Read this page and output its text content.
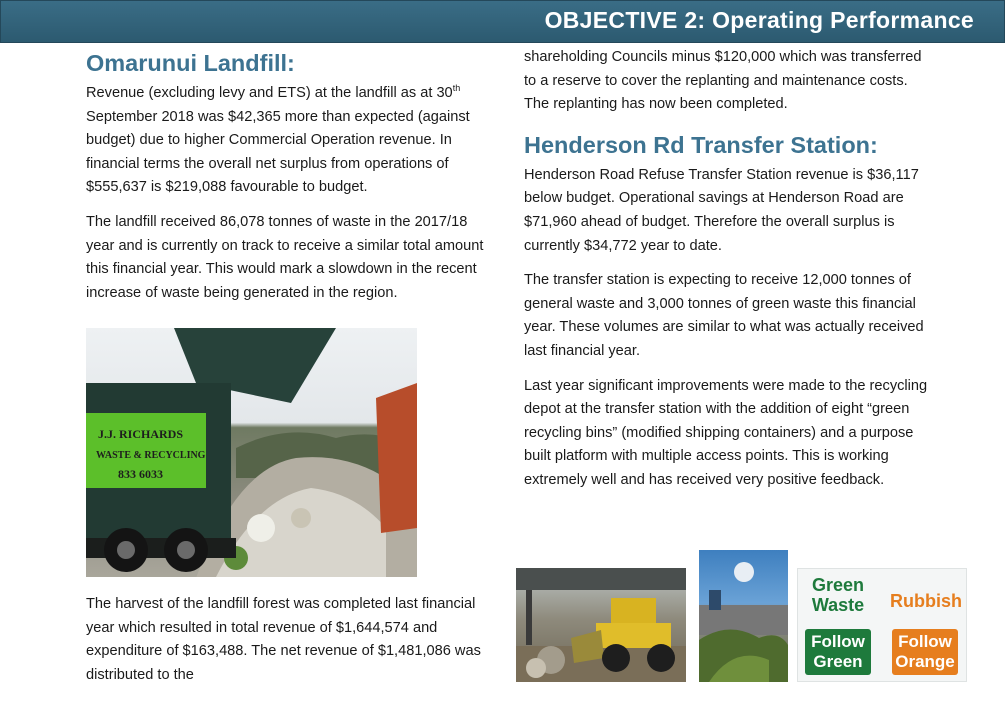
OBJECTIVE 2: Operating Performance
Omarunui Landfill:

Revenue (excluding levy and ETS) at the landfill as at 30th September 2018 was $42,365 more than expected (against budget) due to higher Commercial Operation revenue. In financial terms the overall net surplus from operations of $555,637 is $219,088 favourable to budget.

The landfill received 86,078 tonnes of waste in the 2017/18 year and is currently on track to receive a similar total amount this financial year. This would mark a slowdown in the recent increase of waste being generated in the region.

J.J. RICHARDS
WASTE & RECYCLING
833 6033

The harvest of the landfill forest was completed last financial year which resulted in total revenue of $1,644,574 and expenditure of $163,488. The net revenue of $1,481,086 was distributed to the

shareholding Councils minus $120,000 which was transferred to a reserve to cover the replanting and maintenance costs. The replanting has now been completed.

Henderson Rd Transfer Station:

Henderson Road Refuse Transfer Station revenue is $36,117 below budget. Operational savings at Henderson Road are $71,960 ahead of budget. Therefore the overall surplus is currently $34,772 year to date.

The transfer station is expecting to receive 12,000 tonnes of general waste and 3,000 tonnes of green waste this financial year. These volumes are similar to what was actually received last financial year.

Last year significant improvements were made to the recycling depot at the transfer station with the addition of eight “green recycling bins” (modified shipping containers) and a purpose built platform with multiple access points. This is working extremely well and has received very positive feedback.

Green
Waste	Rubbish
Follow
Green
Follow
Orange
